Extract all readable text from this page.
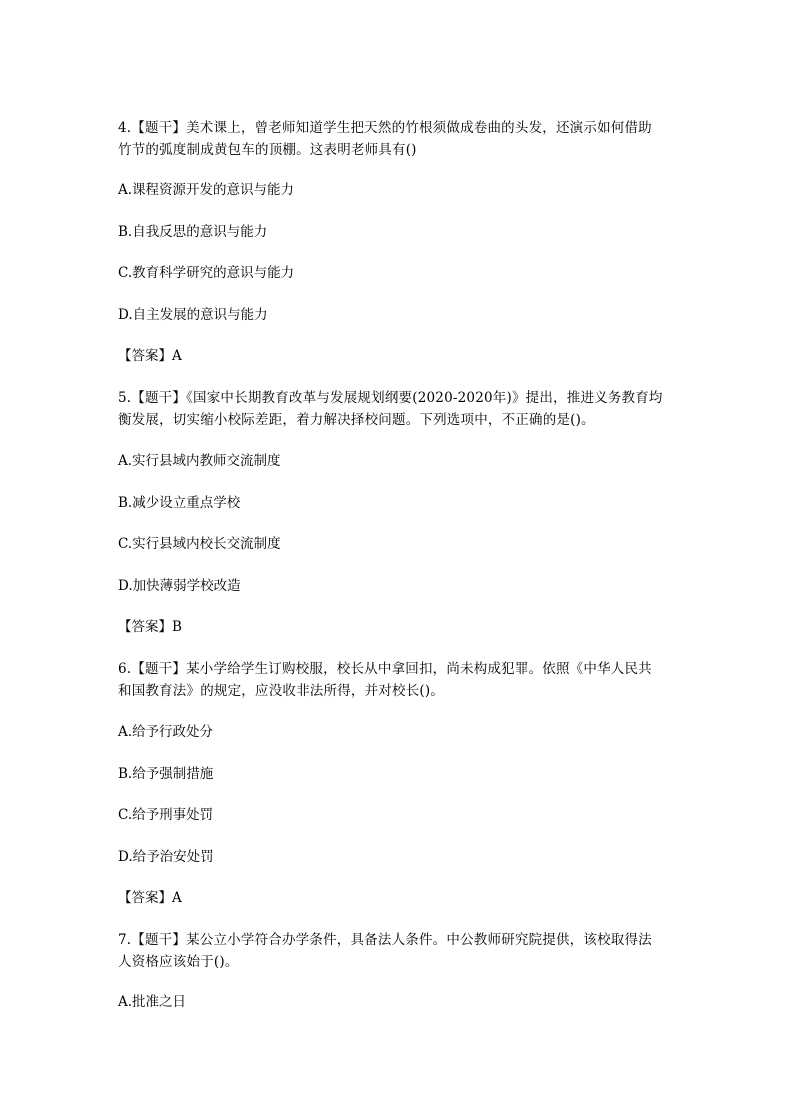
4.【题干】美术课上，曾老师知道学生把天然的竹根须做成卷曲的头发，还演示如何借助
竹节的弧度制成黄包车的顶棚。这表明老师具有()
A.课程资源开发的意识与能力
B.自我反思的意识与能力
C.教育科学研究的意识与能力
D.自主发展的意识与能力
【答案】A
5.【题干】《国家中长期教育改革与发展规划纲要(2020-2020年)》提出，推进义务教育均
衡发展，切实缩小校际差距，着力解决择校问题。下列选项中，不正确的是()。
A.实行县域内教师交流制度
B.减少设立重点学校
C.实行县域内校长交流制度
D.加快薄弱学校改造
【答案】B
6.【题干】某小学给学生订购校服，校长从中拿回扣，尚未构成犯罪。依照《中华人民共
和国教育法》的规定，应没收非法所得，并对校长()。
A.给予行政处分
B.给予强制措施
C.给予刑事处罚
D.给予治安处罚
【答案】A
7.【题干】某公立小学符合办学条件，具备法人条件。中公教师研究院提供，该校取得法
人资格应该始于()。
A.批准之日
